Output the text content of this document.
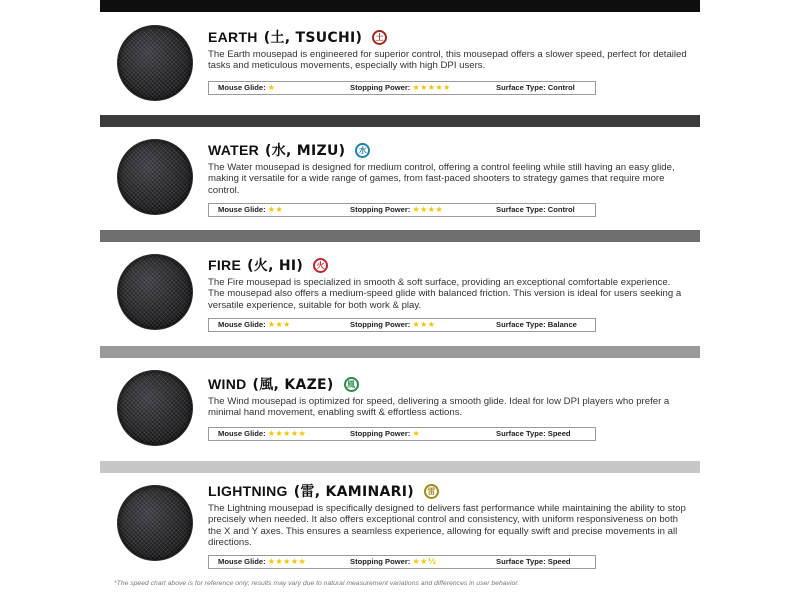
EARTH (土, TSUCHI)	土
The Earth mousepad is engineered for superior control, this mousepad offers a slower speed, perfect for detailed tasks and meticulous movements, especially with high DPI users.
Mouse Glide: ★	Stopping Power: ★★★★★	Surface Type: Control
WATER (水, MIZU)	水
The Water mousepad is designed for medium control, offering a control feeling while still having an easy glide, making it versatile for a wide range of games, from fast-paced shooters to strategy games that require more control.
Mouse Glide: ★★	Stopping Power: ★★★★	Surface Type: Control
FIRE (火, HI)	火
The Fire mousepad is specialized in smooth & soft surface, providing an exceptional comfortable experience. The mousepad also offers a medium-speed glide with balanced friction. This version is ideal for users seeking a versatile experience, suitable for both work & play.
Mouse Glide: ★★★	Stopping Power: ★★★	Surface Type: Balance
WIND (風, KAZE)	風
The Wind mousepad is optimized for speed, delivering a smooth glide. Ideal for low DPI players who prefer a minimal hand movement, enabling swift & effortless actions.
Mouse Glide: ★★★★★	Stopping Power: ★	Surface Type: Speed
LIGHTNING (雷, KAMINARI)	雷
The Lightning mousepad is specifically designed to delivers fast performance while maintaining the ability to stop precisely when needed. It also offers exceptional control and consistency, with uniform responsiveness on both the X and Y axes. This ensures a seamless experience, allowing for equally swift and precise movements in all directions.
Mouse Glide: ★★★★★	Stopping Power: ★★½	Surface Type: Speed
*The speed chart above is for reference only; results may vary due to natural measurement variations and differences in user behavior.
